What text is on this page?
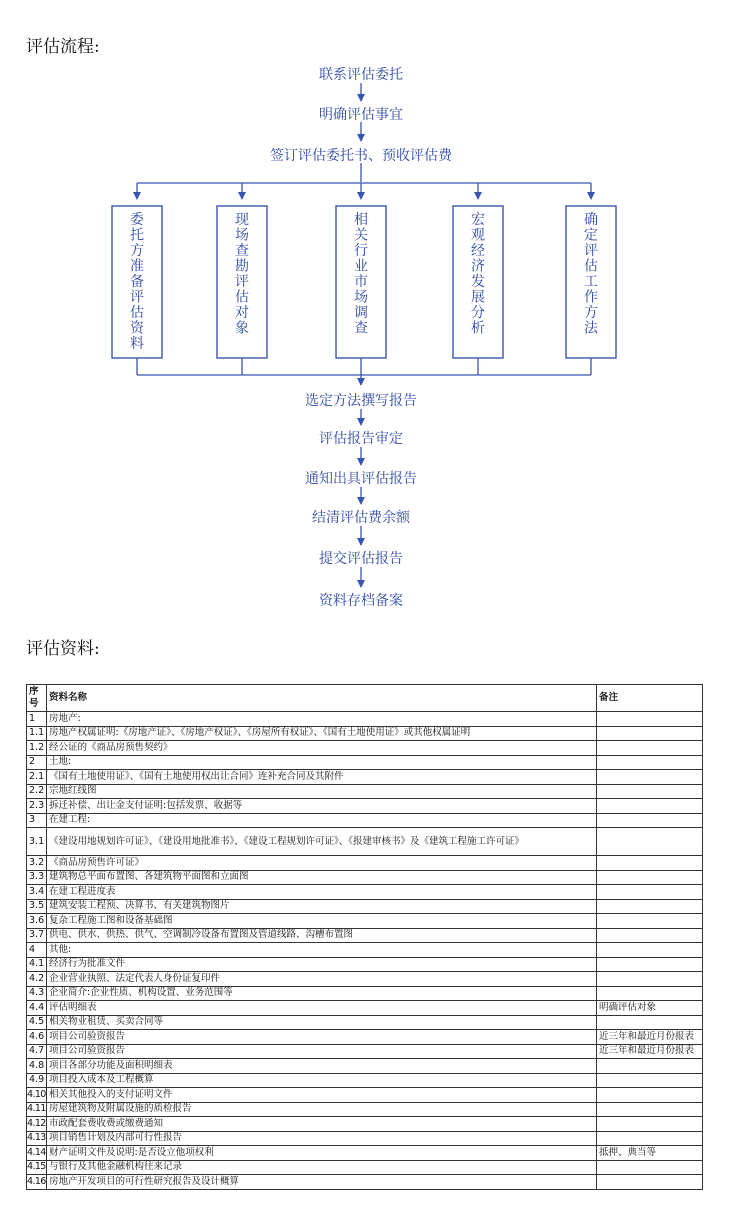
评估流程:
联系评估委托
明确评估事宜
签订评估委托书、预收评估费
委托方准备评估资料
现场查勘评估对象
相关行业市场调查
宏观经济发展分析
确定评估工作方法
选定方法撰写报告
评估报告审定
通知出具评估报告
结清评估费余额
提交评估报告
资料存档备案
评估资料:
序号	资料名称	备注
1	房地产:	
1.1	房地产权属证明:《房地产证》、《房地产权证》、《房屋所有权证》、《国有土地使用证》或其他权属证明	
1.2	经公证的《商品房预售契约》	
2	土地:	
2.1	《国有土地使用证》、《国有土地使用权出让合同》连补充合同及其附件	
2.2	宗地红线图	
2.3	拆迁补偿、出让金支付证明:包括发票、收据等	
3	在建工程:	
3.1	《建设用地规划许可证》、《建设用地批准书》、《建设工程规划许可证》、《报建审核书》及《建筑工程施工许可证》	
3.2	《商品房预售许可证》	
3.3	建筑物总平面布置图、各建筑物平面图和立面图	
3.4	在建工程进度表	
3.5	建筑安装工程预、决算书、有关建筑物图片	
3.6	复杂工程施工图和设备基础图	
3.7	供电、供水、供热、供气、空调制冷设备布置图及管道线路、沟槽布置图	
4	其他:	
4.1	经济行为批准文件	
4.2	企业营业执照、法定代表人身份证复印件	
4.3	企业简介:企业性质、机构设置、业务范围等	
4.4	评估明细表	明确评估对象
4.5	相关物业租赁、买卖合同等	
4.6	项目公司验资报告	近三年和最近月份报表
4.7	项目公司验资报告	近三年和最近月份报表
4.8	项目各部分功能及面积明细表	
4.9	项目投入成本及工程概算	
4.10	相关其他投入的支付证明文件	
4.11	房屋建筑物及附属设施的质检报告	
4.12	市政配套费收费或缴费通知	
4.13	项目销售计划及内部可行性报告	
4.14	财产证明文件及说明:是否设立他项权利	抵押、典当等
4.15	与银行及其他金融机构往来记录	
4.16	房地产开发项目的可行性研究报告及设计概算	
